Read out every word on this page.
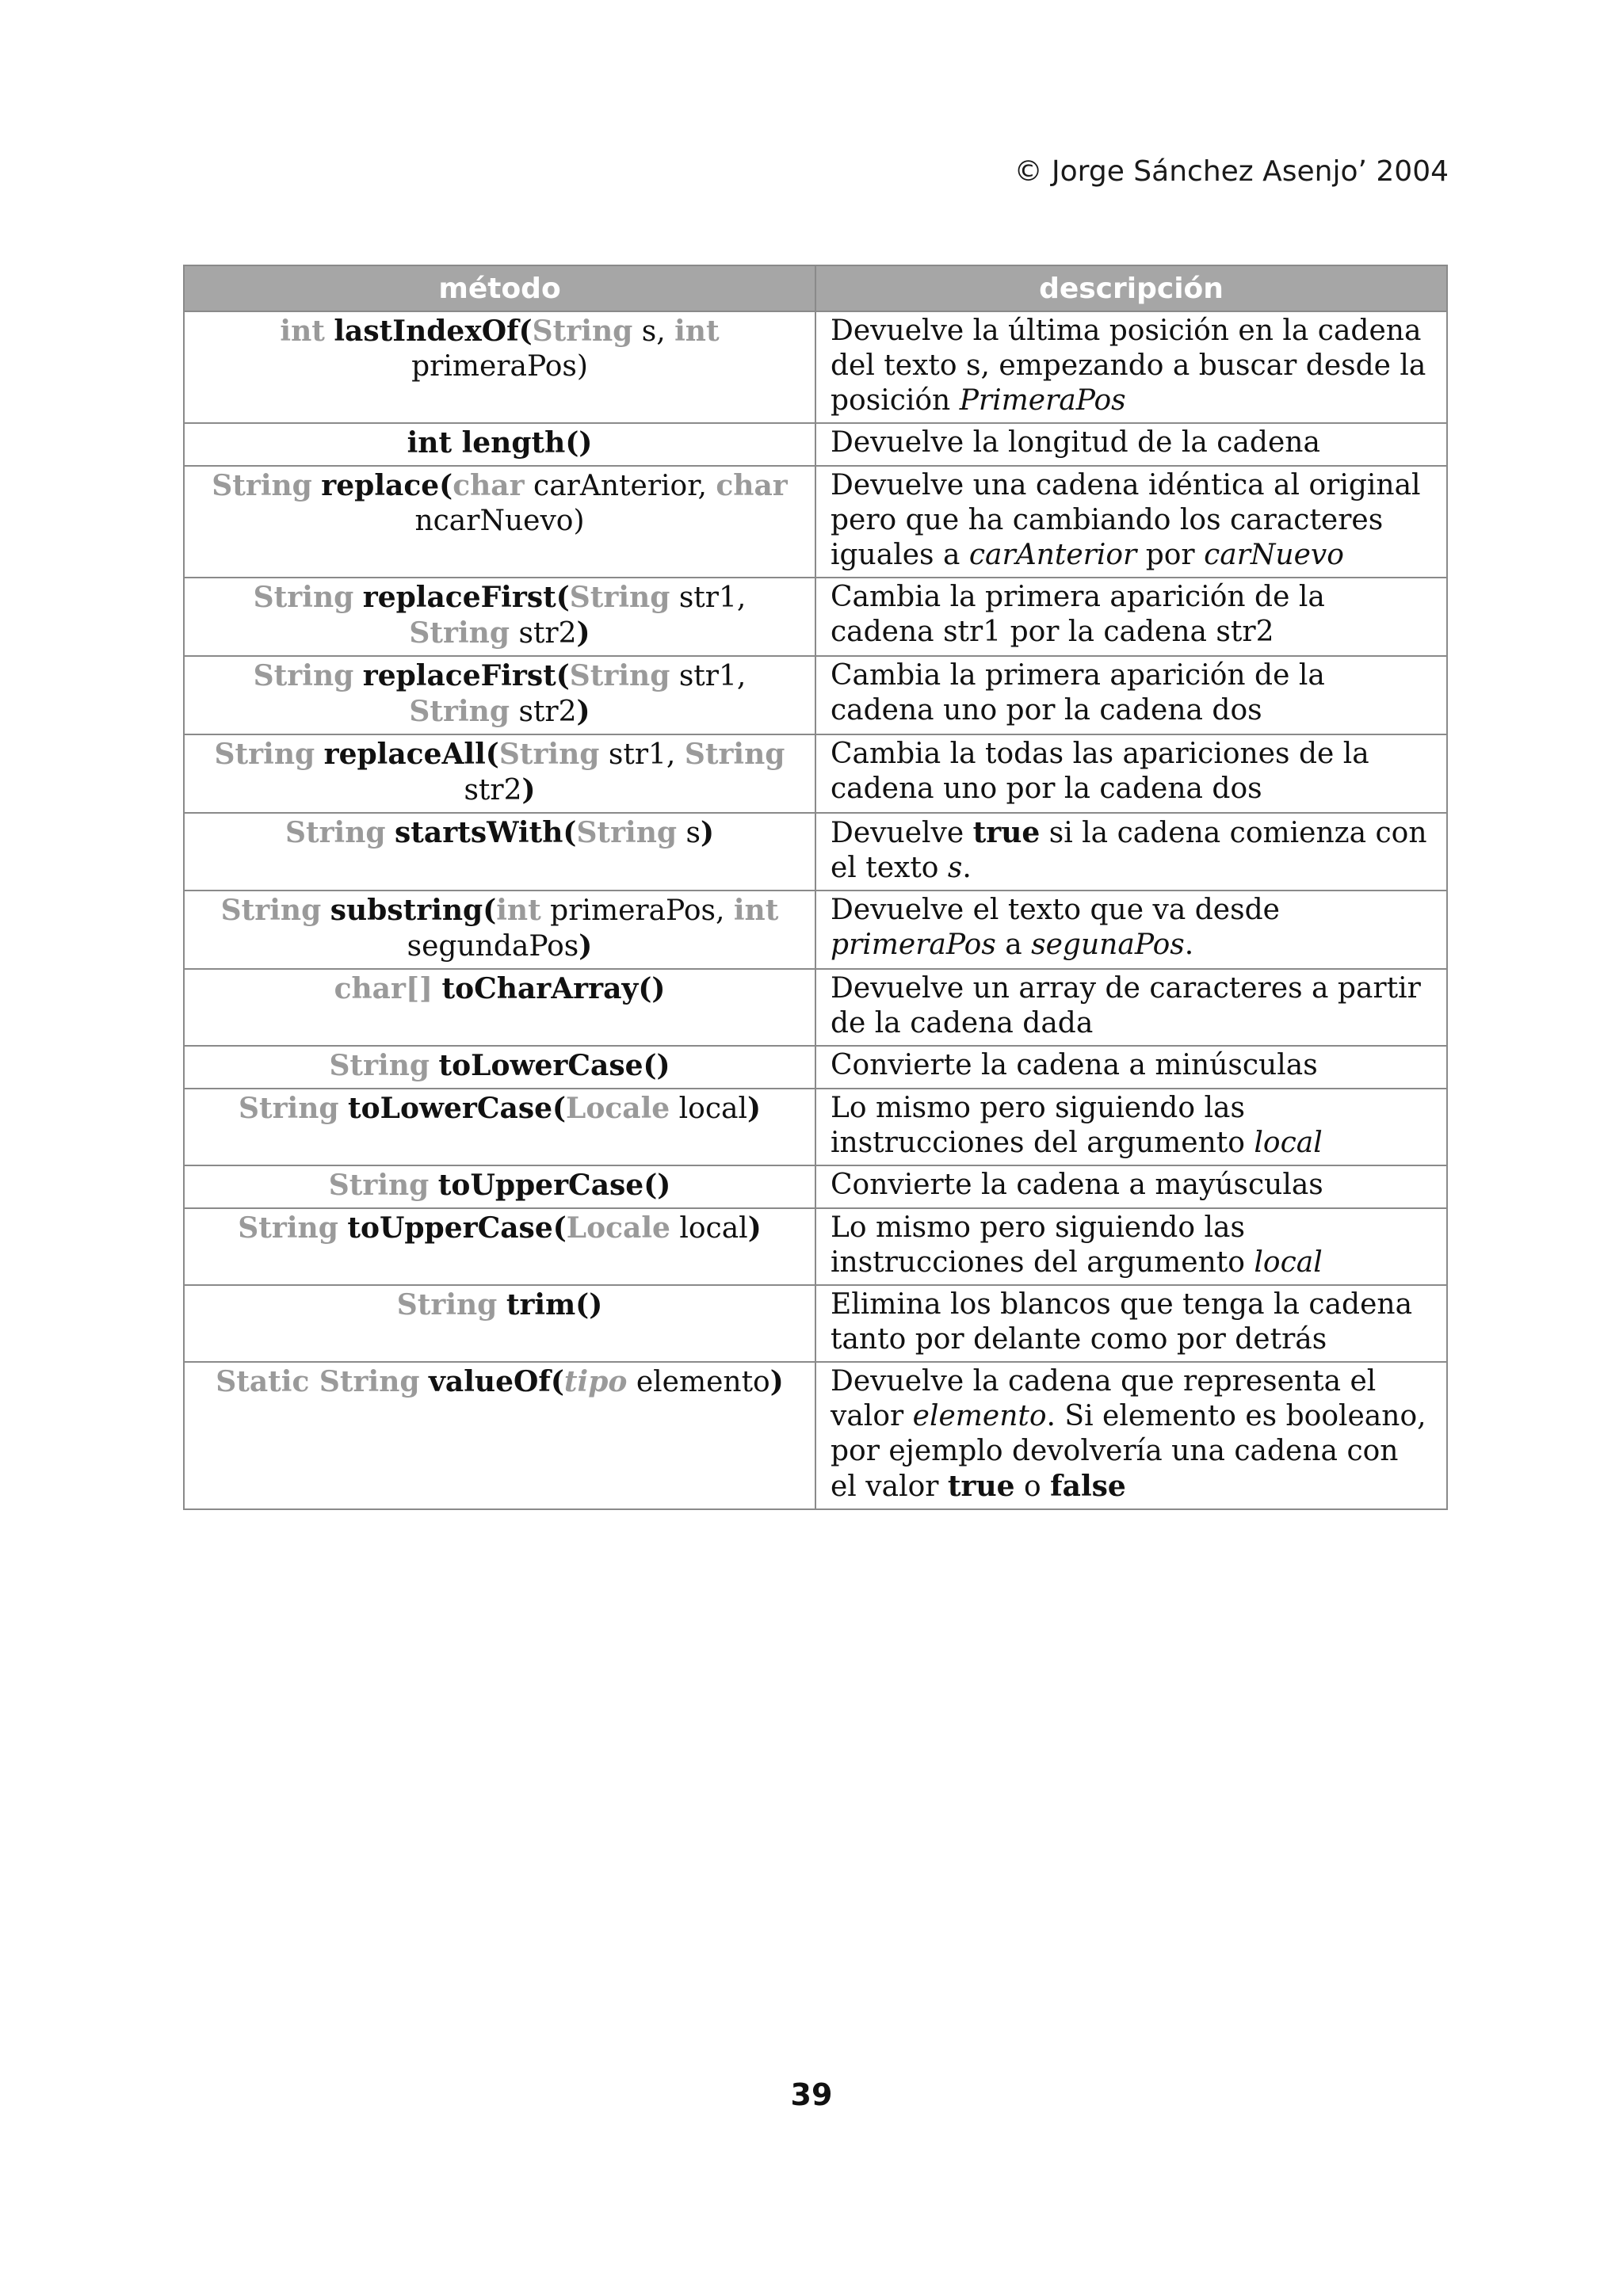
© Jorge Sánchez Asenjo’ 2004
método	descripción
int lastIndexOf(String s, int primeraPos)	Devuelve la última posición en la cadena del texto s, empezando a buscar desde la posición PrimeraPos
int length()	Devuelve la longitud de la cadena
String replace(char carAnterior, char ncarNuevo)	Devuelve una cadena idéntica al original pero que ha cambiando los caracteres iguales a carAnterior por carNuevo
String replaceFirst(String str1, String str2)	Cambia la primera aparición de la cadena str1 por la cadena str2
String replaceFirst(String str1, String str2)	Cambia la primera aparición de la cadena uno por la cadena dos
String replaceAll(String str1, String str2)	Cambia la todas las apariciones de la cadena uno por la cadena dos
String startsWith(String s)	Devuelve true si la cadena comienza con el texto s.
String substring(int primeraPos, int segundaPos)	Devuelve el texto que va desde primeraPos a segunaPos.
char[] toCharArray()	Devuelve un array de caracteres a partir de la cadena dada
String toLowerCase()	Convierte la cadena a minúsculas
String toLowerCase(Locale local)	Lo mismo pero siguiendo las instrucciones del argumento local
String toUpperCase()	Convierte la cadena a mayúsculas
String toUpperCase(Locale local)	Lo mismo pero siguiendo las instrucciones del argumento local
String trim()	Elimina los blancos que tenga la cadena tanto por delante como por detrás
Static String valueOf(tipo elemento)	Devuelve la cadena que representa el valor elemento. Si elemento es booleano, por ejemplo devolvería una cadena con el valor true o false
39
